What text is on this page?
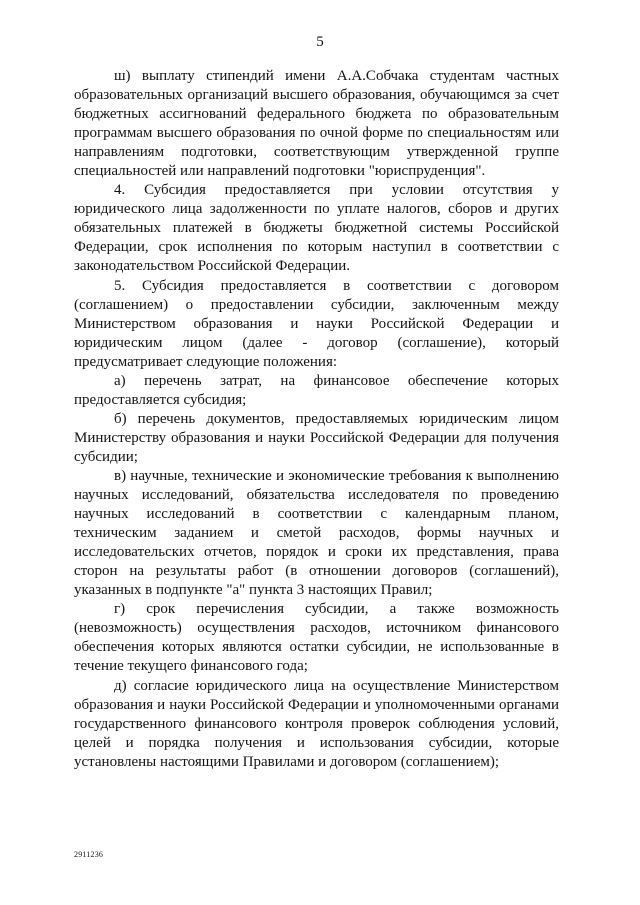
5

ш) выплату стипендий имени А.А.Собчака студентам частных образовательных организаций высшего образования, обучающимся за счет бюджетных ассигнований федерального бюджета по образовательным программам высшего образования по очной форме по специальностям или направлениям подготовки, соответствующим утвержденной группе специальностей или направлений подготовки "юриспруденция".

4. Субсидия предоставляется при условии отсутствия у юридического лица задолженности по уплате налогов, сборов и других обязательных платежей в бюджеты бюджетной системы Российской Федерации, срок исполнения по которым наступил в соответствии с законодательством Российской Федерации.

5. Субсидия предоставляется в соответствии с договором (соглашением) о предоставлении субсидии, заключенным между Министерством образования и науки Российской Федерации и юридическим лицом (далее - договор (соглашение), который предусматривает следующие положения:

а) перечень затрат, на финансовое обеспечение которых предоставляется субсидия;

б) перечень документов, предоставляемых юридическим лицом Министерству образования и науки Российской Федерации для получения субсидии;

в) научные, технические и экономические требования к выполнению научных исследований, обязательства исследователя по проведению научных исследований в соответствии с календарным планом, техническим заданием и сметой расходов, формы научных и исследовательских отчетов, порядок и сроки их представления, права сторон на результаты работ (в отношении договоров (соглашений), указанных в подпункте "а" пункта 3 настоящих Правил;

г) срок перечисления субсидии, а также возможность (невозможность) осуществления расходов, источником финансового обеспечения которых являются остатки субсидии, не использованные в течение текущего финансового года;

д) согласие юридического лица на осуществление Министерством образования и науки Российской Федерации и уполномоченными органами государственного финансового контроля проверок соблюдения условий, целей и порядка получения и использования субсидии, которые установлены настоящими Правилами и договором (соглашением);

2911236
